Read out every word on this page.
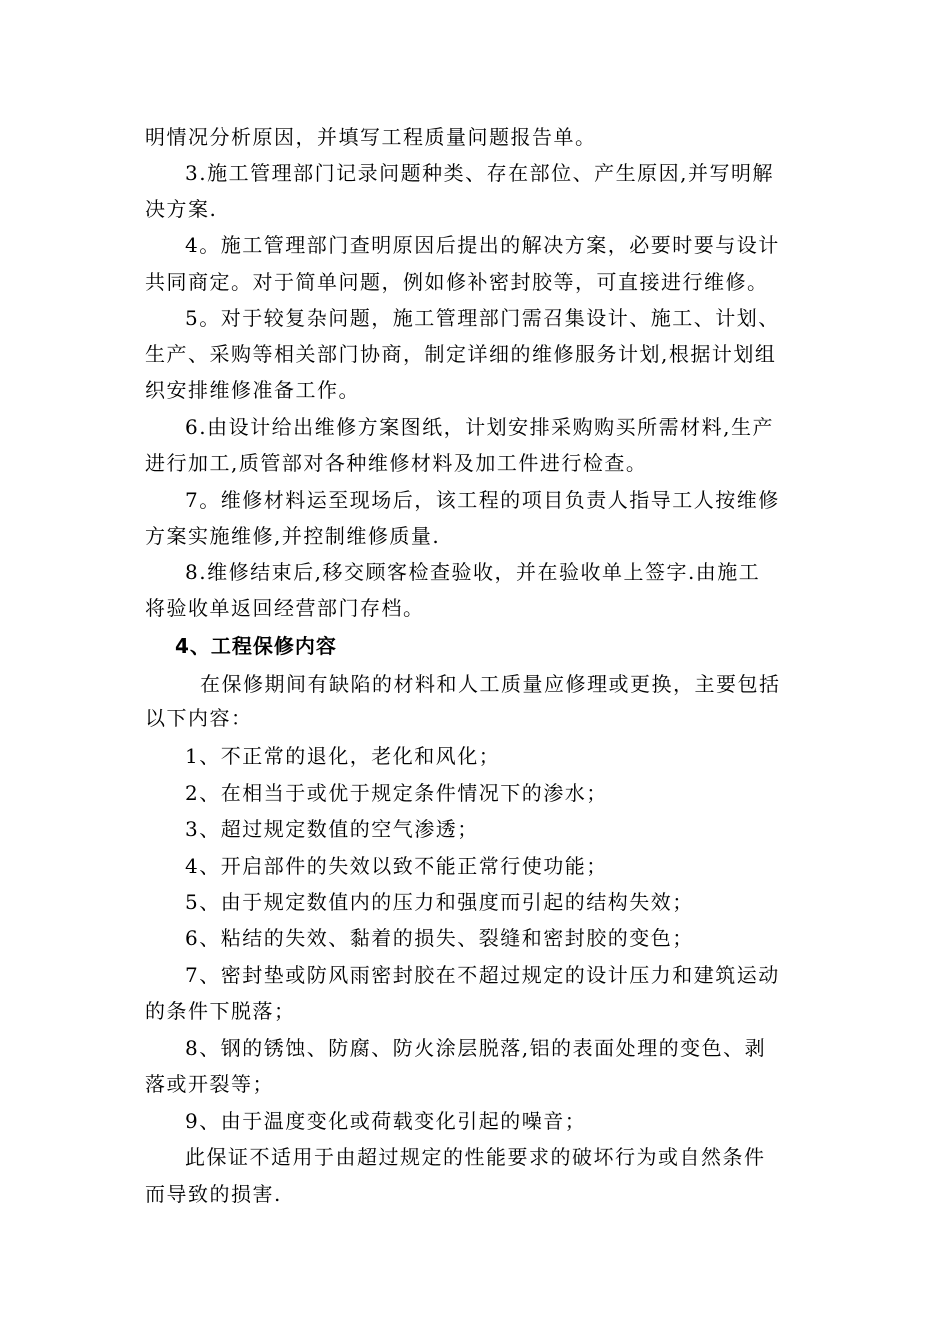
明情况分析原因，并填写工程质量问题报告单。
3.施工管理部门记录问题种类、存在部位、产生原因,并写明解
决方案.
4。施工管理部门查明原因后提出的解决方案，必要时要与设计
共同商定。对于简单问题，例如修补密封胶等，可直接进行维修。
5。对于较复杂问题，施工管理部门需召集设计、施工、计划、
生产、采购等相关部门协商，制定详细的维修服务计划,根据计划组
织安排维修准备工作。
6.由设计给出维修方案图纸，计划安排采购购买所需材料,生产
进行加工,质管部对各种维修材料及加工件进行检查。
7。维修材料运至现场后，该工程的项目负责人指导工人按维修
方案实施维修,并控制维修质量.
8.维修结束后,移交顾客检查验收，并在验收单上签字.由施工
将验收单返回经营部门存档。
4、工程保修内容
在保修期间有缺陷的材料和人工质量应修理或更换，主要包括
以下内容：
1、不正常的退化，老化和风化；
2、在相当于或优于规定条件情况下的渗水；
3、超过规定数值的空气渗透；
4、开启部件的失效以致不能正常行使功能；
5、由于规定数值内的压力和强度而引起的结构失效；
6、粘结的失效、黏着的损失、裂缝和密封胶的变色；
7、密封垫或防风雨密封胶在不超过规定的设计压力和建筑运动
的条件下脱落；
8、钢的锈蚀、防腐、防火涂层脱落,铝的表面处理的变色、剥
落或开裂等；
9、由于温度变化或荷载变化引起的噪音；
此保证不适用于由超过规定的性能要求的破坏行为或自然条件
而导致的损害.
